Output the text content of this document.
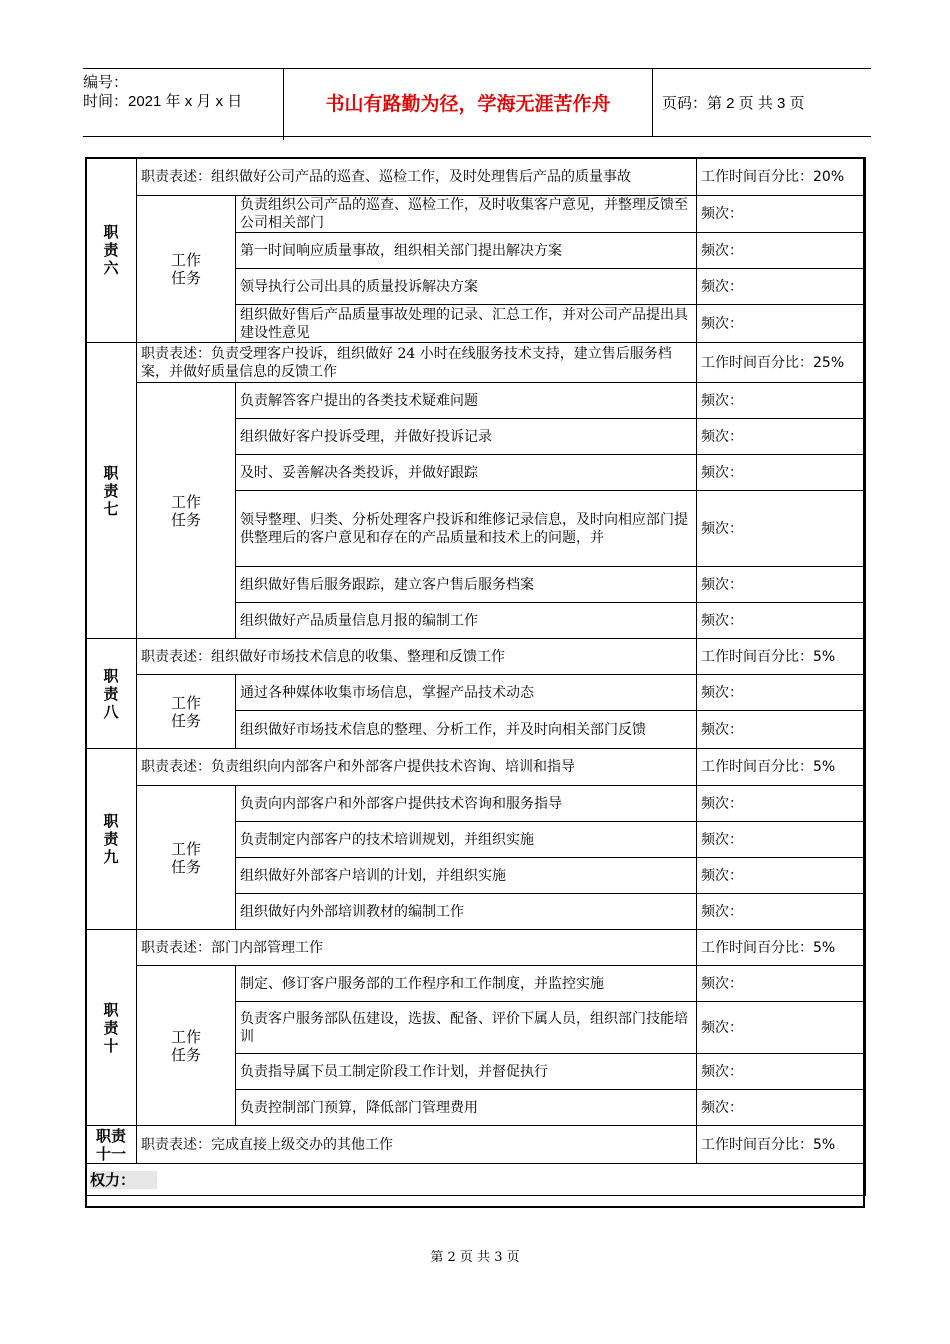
编号：
时间：2021 年 x 月 x 日	书山有路勤为径，学海无涯苦作舟	页码：第 2 页 共 3 页
职
责
六	职责表述：组织做好公司产品的巡查、巡检工作，及时处理售后产品的质量事故		工作时间百分比：20%

	工作任务	负责组织公司产品的巡查、巡检工作，及时收集客户意见，并整理反馈至公司相关部门	频次：
		第一时间响应质量事故，组织相关部门提出解决方案	频次：
		领导执行公司出具的质量投诉解决方案	频次：
		组织做好售后产品质量事故处理的记录、汇总工作，并对公司产品提出具建设性意见	频次：
职
责
七	职责表述：负责受理客户投诉，组织做好 24 小时在线服务技术支持，建立售后服务档案，并做好质量信息的反馈工作		工作时间百分比：25%

	工作任务	负责解答客户提出的各类技术疑难问题	频次：
		组织做好客户投诉受理，并做好投诉记录	频次：
		及时、妥善解决各类投诉，并做好跟踪	频次：
		领导整理、归类、分析处理客户投诉和维修记录信息，及时向相应部门提供整理后的客户意见和存在的产品质量和技术上的问题，并	频次：
		组织做好售后服务跟踪，建立客户售后服务档案	频次：
		组织做好产品质量信息月报的编制工作	频次：
职
责
八	职责表述：组织做好市场技术信息的收集、整理和反馈工作		工作时间百分比：5%

	工作任务	通过各种媒体收集市场信息，掌握产品技术动态	频次：
		组织做好市场技术信息的整理、分析工作，并及时向相关部门反馈	频次：
职
责
九	职责表述：负责组织向内部客户和外部客户提供技术咨询、培训和指导		工作时间百分比：5%

	工作任务	负责向内部客户和外部客户提供技术咨询和服务指导	频次：
		负责制定内部客户的技术培训规划，并组织实施	频次：
		组织做好外部客户培训的计划，并组织实施	频次：
		组织做好内外部培训教材的编制工作	频次：
职
责
十	职责表述：部门内部管理工作		工作时间百分比：5%

	工作任务	制定、修订客户服务部的工作程序和工作制度，并监控实施	频次：
		负责客户服务部队伍建设，选拔、配备、评价下属人员，组织部门技能培训	频次：
		负责指导属下员工制定阶段工作计划，并督促执行	频次：
		负责控制部门预算，降低部门管理费用	频次：
职责
十一	职责表述：完成直接上级交办的其他工作		工作时间百分比：5%
权力：			
第 2 页 共 3 页
